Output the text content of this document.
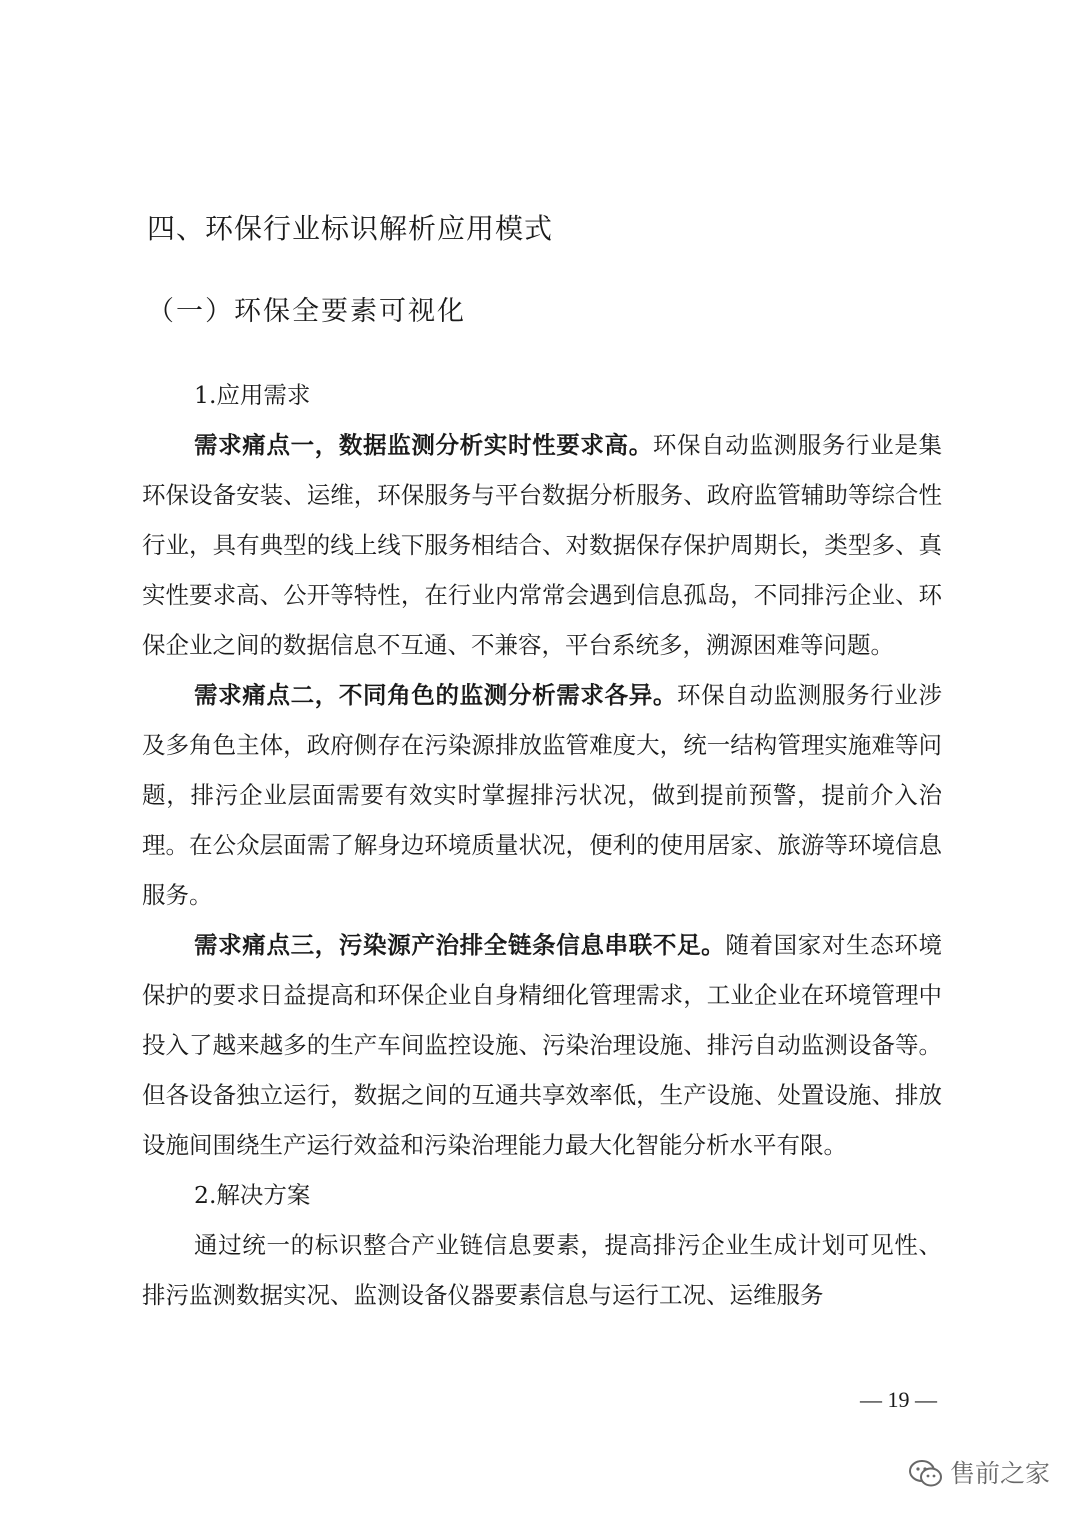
四、环保行业标识解析应用模式
（一）环保全要素可视化

1.应用需求

需求痛点一，数据监测分析实时性要求高。环保自动监测服务行业是集环保设备安装、运维，环保服务与平台数据分析服务、政府监管辅助等综合性行业，具有典型的线上线下服务相结合、对数据保存保护周期长，类型多、真实性要求高、公开等特性，在行业内常常会遇到信息孤岛，不同排污企业、环保企业之间的数据信息不互通、不兼容，平台系统多，溯源困难等问题。

需求痛点二，不同角色的监测分析需求各异。环保自动监测服务行业涉及多角色主体，政府侧存在污染源排放监管难度大，统一结构管理实施难等问题，排污企业层面需要有效实时掌握排污状况，做到提前预警，提前介入治理。在公众层面需了解身边环境质量状况，便利的使用居家、旅游等环境信息服务。

需求痛点三，污染源产治排全链条信息串联不足。随着国家对生态环境保护的要求日益提高和环保企业自身精细化管理需求，工业企业在环境管理中投入了越来越多的生产车间监控设施、污染治理设施、排污自动监测设备等。但各设备独立运行，数据之间的互通共享效率低，生产设施、处置设施、排放设施间围绕生产运行效益和污染治理能力最大化智能分析水平有限。

2.解决方案

通过统一的标识整合产业链信息要素，提高排污企业生成计划可见性、排污监测数据实况、监测设备仪器要素信息与运行工况、运维服务

— 19 —
售前之家
